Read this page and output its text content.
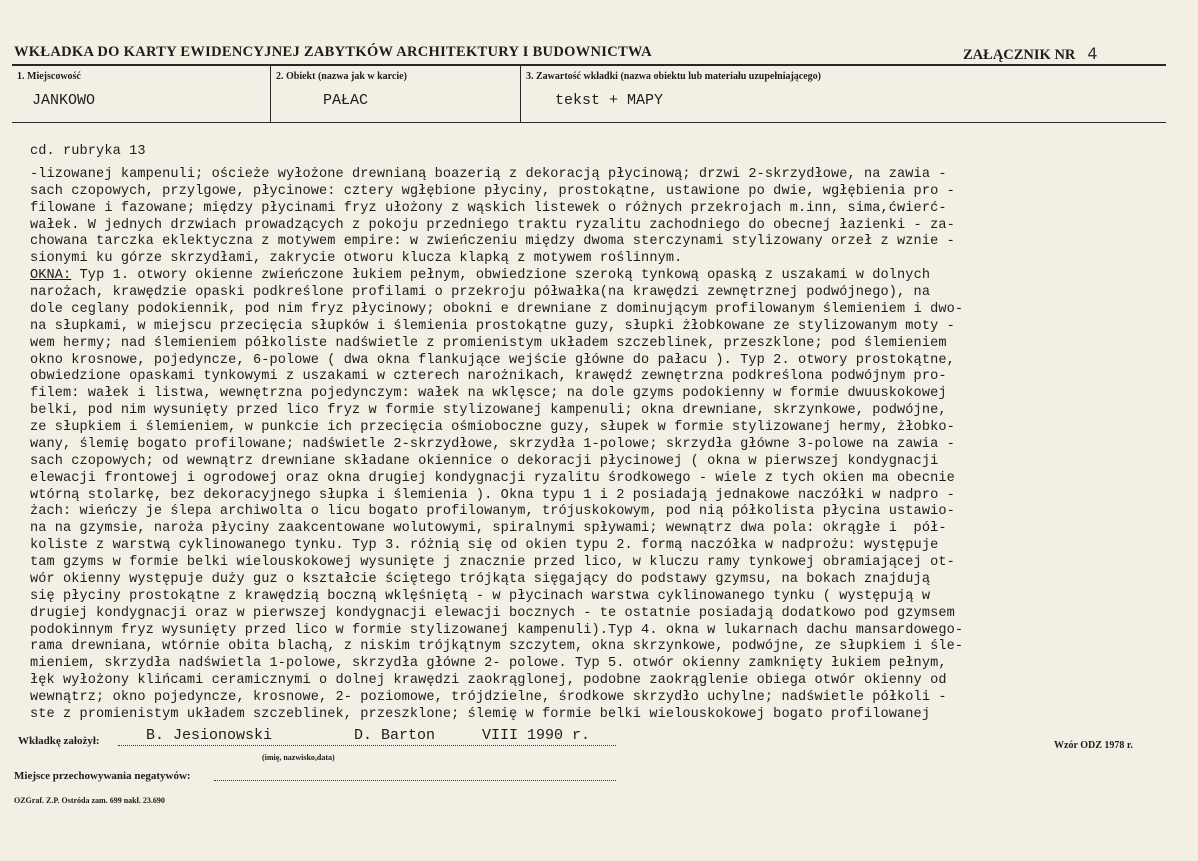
WKŁADKA DO KARTY EWIDENCYJNEJ ZABYTKÓW ARCHITEKTURY I BUDOWNICTWA	ZAŁĄCZNIK NR 4
1. Miejscowość
JANKOWO
2. Obiekt (nazwa jak w karcie)
PAŁAC
3. Zawartość wkładki (nazwa obiektu lub materiału uzupełniającego)
tekst + MAPY
cd. rubryka 13
-lizowanej kampenuli; ościeże wyłożone drewnianą boazerią z dekoracją płycinową; drzwi 2-skrzydłowe, na zawia -
sach czopowych, przylgowe, płycinowe: cztery wgłębione płyciny, prostokątne, ustawione po dwie, wgłębienia pro -
filowane i fazowane; między płycinami fryz ułożony z wąskich listewek o różnych przekrojach m.inn, sima,ćwierć-
wałek. W jednych drzwiach prowadzących z pokoju przedniego traktu ryzalitu zachodniego do obecnej łazienki - za-
chowana tarczka eklektyczna z motywem empire: w zwieńczeniu między dwoma sterczynami stylizowany orzeł z wznie -
sionymi ku górze skrzydłami, zakrycie otworu klucza klapką z motywem roślinnym.
OKNA: Typ 1. otwory okienne zwieńczone łukiem pełnym, obwiedzione szeroką tynkową opaską z uszakami w dolnych
narożach, krawędzie opaski podkreślone profilami o przekroju półwałka(na krawędzi zewnętrznej podwójnego), na
dole ceglany podokiennik, pod nim fryz płycinowy; obokni e drewniane z dominującym profilowanym ślemieniem i dwo-
na słupkami, w miejscu przecięcia słupków i ślemienia prostokątne guzy, słupki żłobkowane ze stylizowanym moty -
wem hermy; nad ślemieniem półkoliste nadświetle z promienistym układem szczeblinek, przeszklone; pod ślemieniem
okno krosnowe, pojedyncze, 6-polowe ( dwa okna flankujące wejście główne do pałacu ). Typ 2. otwory prostokątne,
obwiedzione opaskami tynkowymi z uszakami w czterech narożnikach, krawędź zewnętrzna podkreślona podwójnym pro-
filem: wałek i listwa, wewnętrzna pojedynczym: wałek na wklęsce; na dole gzyms podokienny w formie dwuuskokowej
belki, pod nim wysunięty przed lico fryz w formie stylizowanej kampenuli; okna drewniane, skrzynkowe, podwójne,
ze słupkiem i ślemieniem, w punkcie ich przecięcia ośmioboczne guzy, słupek w formie stylizowanej hermy, żłobko-
wany, ślemię bogato profilowane; nadświetle 2-skrzydłowe, skrzydła 1-polowe; skrzydła główne 3-polowe na zawia -
sach czopowych; od wewnątrz drewniane składane okiennice o dekoracji płycinowej ( okna w pierwszej kondygnacji
elewacji frontowej i ogrodowej oraz okna drugiej kondygnacji ryzalitu środkowego - wiele z tych okien ma obecnie
wtórną stolarkę, bez dekoracyjnego słupka i ślemienia ). Okna typu 1 i 2 posiadają jednakowe naczółki w nadpro -
żach: wieńczy je ślepa archiwolta o licu bogato profilowanym, trójuskokowym, pod nią półkolista płycina ustawio-
na na gzymsie, naroża płyciny zaakcentowane wolutowymi, spiralnymi spływami; wewnątrz dwa pola: okrągłe i  pół-
koliste z warstwą cyklinowanego tynku. Typ 3. różnią się od okien typu 2. formą naczółka w nadprożu: występuje
tam gzyms w formie belki wielouskokowej wysunięte j znacznie przed lico, w kluczu ramy tynkowej obramiającej ot-
wór okienny występuje duży guz o kształcie ściętego trójkąta sięgający do podstawy gzymsu, na bokach znajdują
się płyciny prostokątne z krawędzią boczną wklęśniętą - w płycinach warstwa cyklinowanego tynku ( występują w
drugiej kondygnacji oraz w pierwszej kondygnacji elewacji bocznych - te ostatnie posiadają dodatkowo pod gzymsem
podokinnym fryz wysunięty przed lico w formie stylizowanej kampenuli).Typ 4. okna w lukarnach dachu mansardowego-
rama drewniana, wtórnie obita blachą, z niskim trójkątnym szczytem, okna skrzynkowe, podwójne, ze słupkiem i śle-
mieniem, skrzydła nadświetla 1-polowe, skrzydła główne 2- polowe. Typ 5. otwór okienny zamknięty łukiem pełnym,
łęk wyłożony klińcami ceramicznymi o dolnej krawędzi zaokrąglonej, podobne zaokrąglenie obiega otwór okienny od
wewnątrz; okno pojedyncze, krosnowe, 2- poziomowe, trójdzielne, środkowe skrzydło uchylne; nadświetle półkoli -
ste z promienistym układem szczeblinek, przeszklone; ślemię w formie belki wielouskokowej bogato profilowanej
Wkładkę założył:	B. Jesionowski	D. Barton	VIII 1990 r.
(imię, nazwisko,data)
Miejsce przechowywania negatywów:
OZGraf. Z.P. Ostróda zam. 699 nakł. 23.690
Wzór ODZ 1978 r.
